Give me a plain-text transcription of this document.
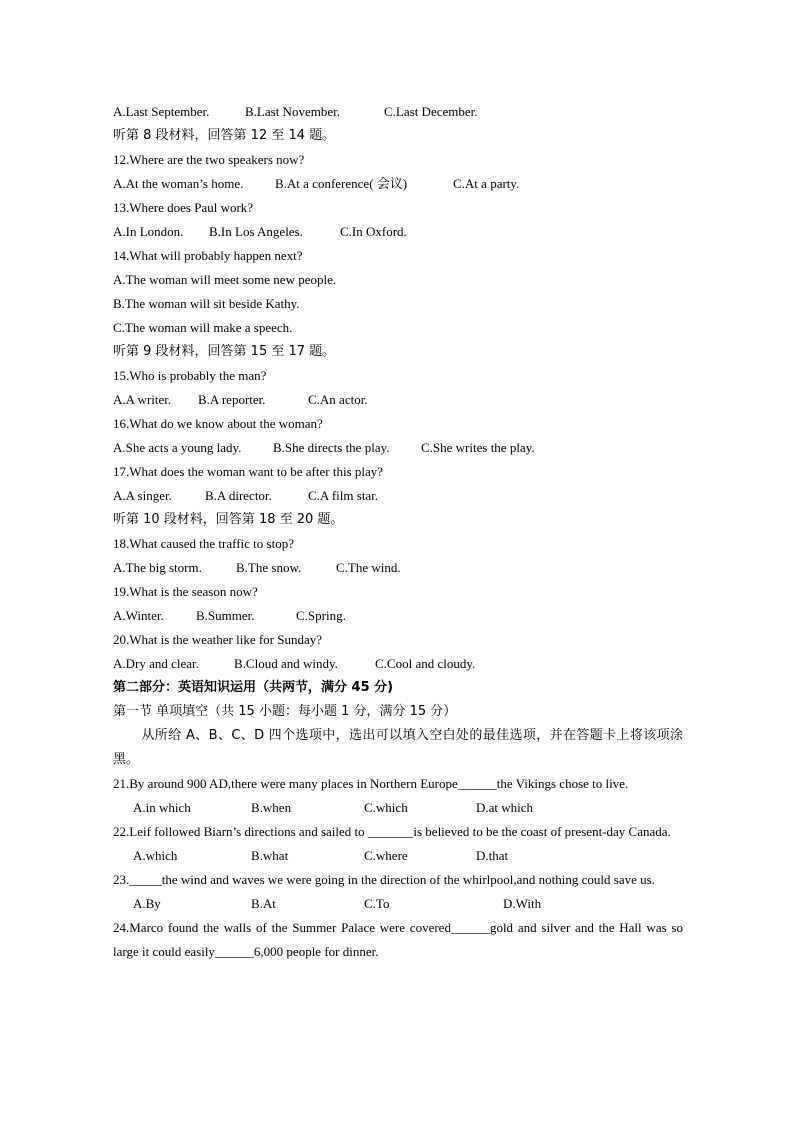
A.Last September.	B.Last November.	C.Last December.
听第 8 段材料，回答第 12 至 14 题。
12.Where are the two speakers now?
A.At the woman’s home.	B.At a conference( 会议)	C.At a party.
13.Where does Paul work?
A.In London.	B.In Los Angeles.	C.In Oxford.
14.What will probably happen next?
A.The woman will meet some new people.
B.The woman will sit beside Kathy.
C.The woman will make a speech.
听第 9 段材料，回答第 15 至 17 题。
15.Who is probably the man?
A.A writer.	B.A reporter.	C.An actor.
16.What do we know about the woman?
A.She acts a young lady.	B.She directs the play.	C.She writes the play.
17.What does the woman want to be after this play?
A.A singer.	B.A director.	C.A film star.
听第 10 段材料，回答第 18 至 20 题。
18.What caused the traffic to stop?
A.The big storm.	B.The snow.	C.The wind.
19.What is the season now?
A.Winter.	B.Summer.	C.Spring.
20.What is the weather like for Sunday?
A.Dry and clear.	B.Cloud and windy.	C.Cool and cloudy.
第二部分：英语知识运用（共两节，满分 45 分)
第一节 单项填空（共 15 小题：每小题 1 分，满分 15 分）
从所给 A、B、C、D 四个选项中，选出可以填入空白处的最佳选项，并在答题卡上将该项涂黑。
21.By around 900 AD,there were many places in Northern Europe______the Vikings chose to live.
A.in which	B.when	C.which	D.at which
22.Leif followed Biarn’s directions and sailed to _______is believed to be the coast of present-day Canada.
A.which	B.what	C.where	D.that
23._____the wind and waves we were going in the direction of the whirlpool,and nothing could save us.
A.By	B.At	C.To	D.With
24.Marco found the walls of the Summer Palace were covered______gold and silver and the Hall was so large it could easily______6,000 people for dinner.
